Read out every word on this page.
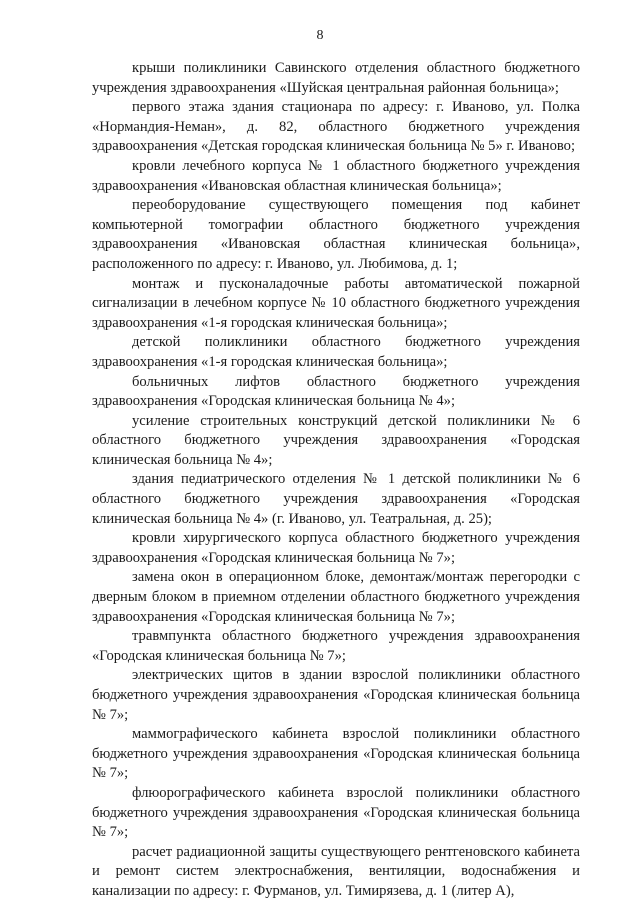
8

крыши поликлиники Савинского отделения областного бюджетного учреждения здравоохранения «Шуйская центральная районная больница»;

первого этажа здания стационара по адресу: г. Иваново, ул. Полка «Нормандия-Неман», д. 82, областного бюджетного учреждения здравоохранения «Детская городская клиническая больница № 5» г. Иваново;

кровли лечебного корпуса № 1 областного бюджетного учреждения здравоохранения «Ивановская областная клиническая больница»;

переоборудование существующего помещения под кабинет компьютерной томографии областного бюджетного учреждения здравоохранения «Ивановская областная клиническая больница», расположенного по адресу: г. Иваново, ул. Любимова, д. 1;

монтаж и пусконаладочные работы автоматической пожарной сигнализации в лечебном корпусе № 10 областного бюджетного учреждения здравоохранения «1-я городская клиническая больница»;

детской поликлиники областного бюджетного учреждения здравоохранения «1-я городская клиническая больница»;

больничных лифтов областного бюджетного учреждения здравоохранения «Городская клиническая больница № 4»;

усиление строительных конструкций детской поликлиники № 6 областного бюджетного учреждения здравоохранения «Городская клиническая больница № 4»;

здания педиатрического отделения № 1 детской поликлиники № 6 областного бюджетного учреждения здравоохранения «Городская клиническая больница № 4» (г. Иваново, ул. Театральная, д. 25);

кровли хирургического корпуса областного бюджетного учреждения здравоохранения «Городская клиническая больница № 7»;

замена окон в операционном блоке, демонтаж/монтаж перегородки с дверным блоком в приемном отделении областного бюджетного учреждения здравоохранения «Городская клиническая больница № 7»;

травмпункта областного бюджетного учреждения здравоохранения «Городская клиническая больница № 7»;

электрических щитов в здании взрослой поликлиники областного бюджетного учреждения здравоохранения «Городская клиническая больница № 7»;

маммографического кабинета взрослой поликлиники областного бюджетного учреждения здравоохранения «Городская клиническая больница № 7»;

флюорографического кабинета взрослой поликлиники областного бюджетного учреждения здравоохранения «Городская клиническая больница № 7»;

расчет радиационной защиты существующего рентгеновского кабинета и ремонт систем электроснабжения, вентиляции, водоснабжения и канализации по адресу: г. Фурманов, ул. Тимирязева, д. 1 (литер А),
